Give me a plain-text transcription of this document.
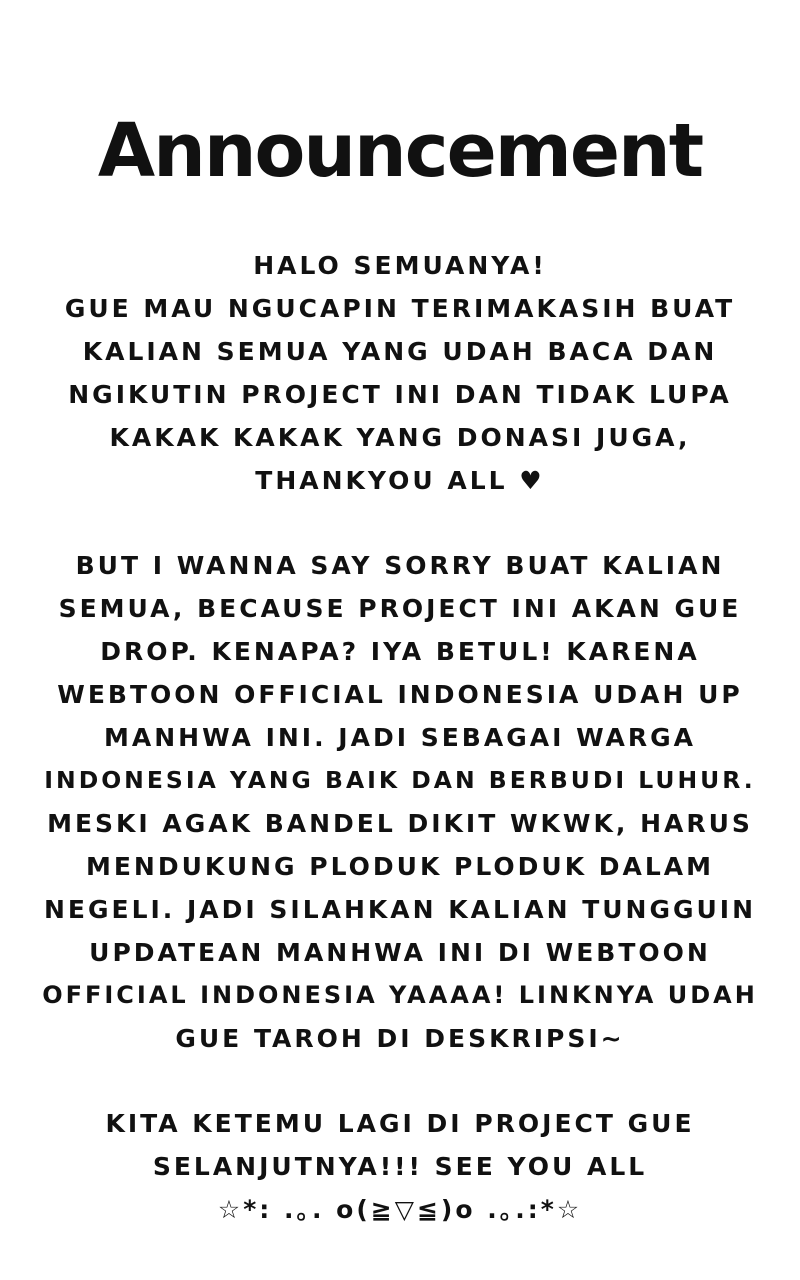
Announcement
HALO SEMUANYA!
GUE MAU NGUCAPIN TERIMAKASIH BUAT
KALIAN SEMUA YANG UDAH BACA DAN
NGIKUTIN PROJECT INI DAN TIDAK LUPA
KAKAK KAKAK YANG DONASI JUGA,
THANKYOU ALL ♥
BUT I WANNA SAY SORRY BUAT KALIAN
SEMUA, BECAUSE PROJECT INI AKAN GUE
DROP. KENAPA? IYA BETUL! KARENA
WEBTOON OFFICIAL INDONESIA UDAH UP
MANHWA INI. JADI SEBAGAI WARGA
INDONESIA YANG BAIK DAN BERBUDI LUHUR.
MESKI AGAK BANDEL DIKIT WKWK, HARUS
MENDUKUNG PLODUK PLODUK DALAM
NEGELI. JADI SILAHKAN KALIAN TUNGGUIN
UPDATEAN MANHWA INI DI WEBTOON
OFFICIAL INDONESIA YAAAA! LINKNYA UDAH
GUE TAROH DI DESKRIPSI~
KITA KETEMU LAGI DI PROJECT GUE
SELANJUTNYA!!! SEE YOU ALL
☆*: .｡. o(≧▽≦)o .｡.:*☆
